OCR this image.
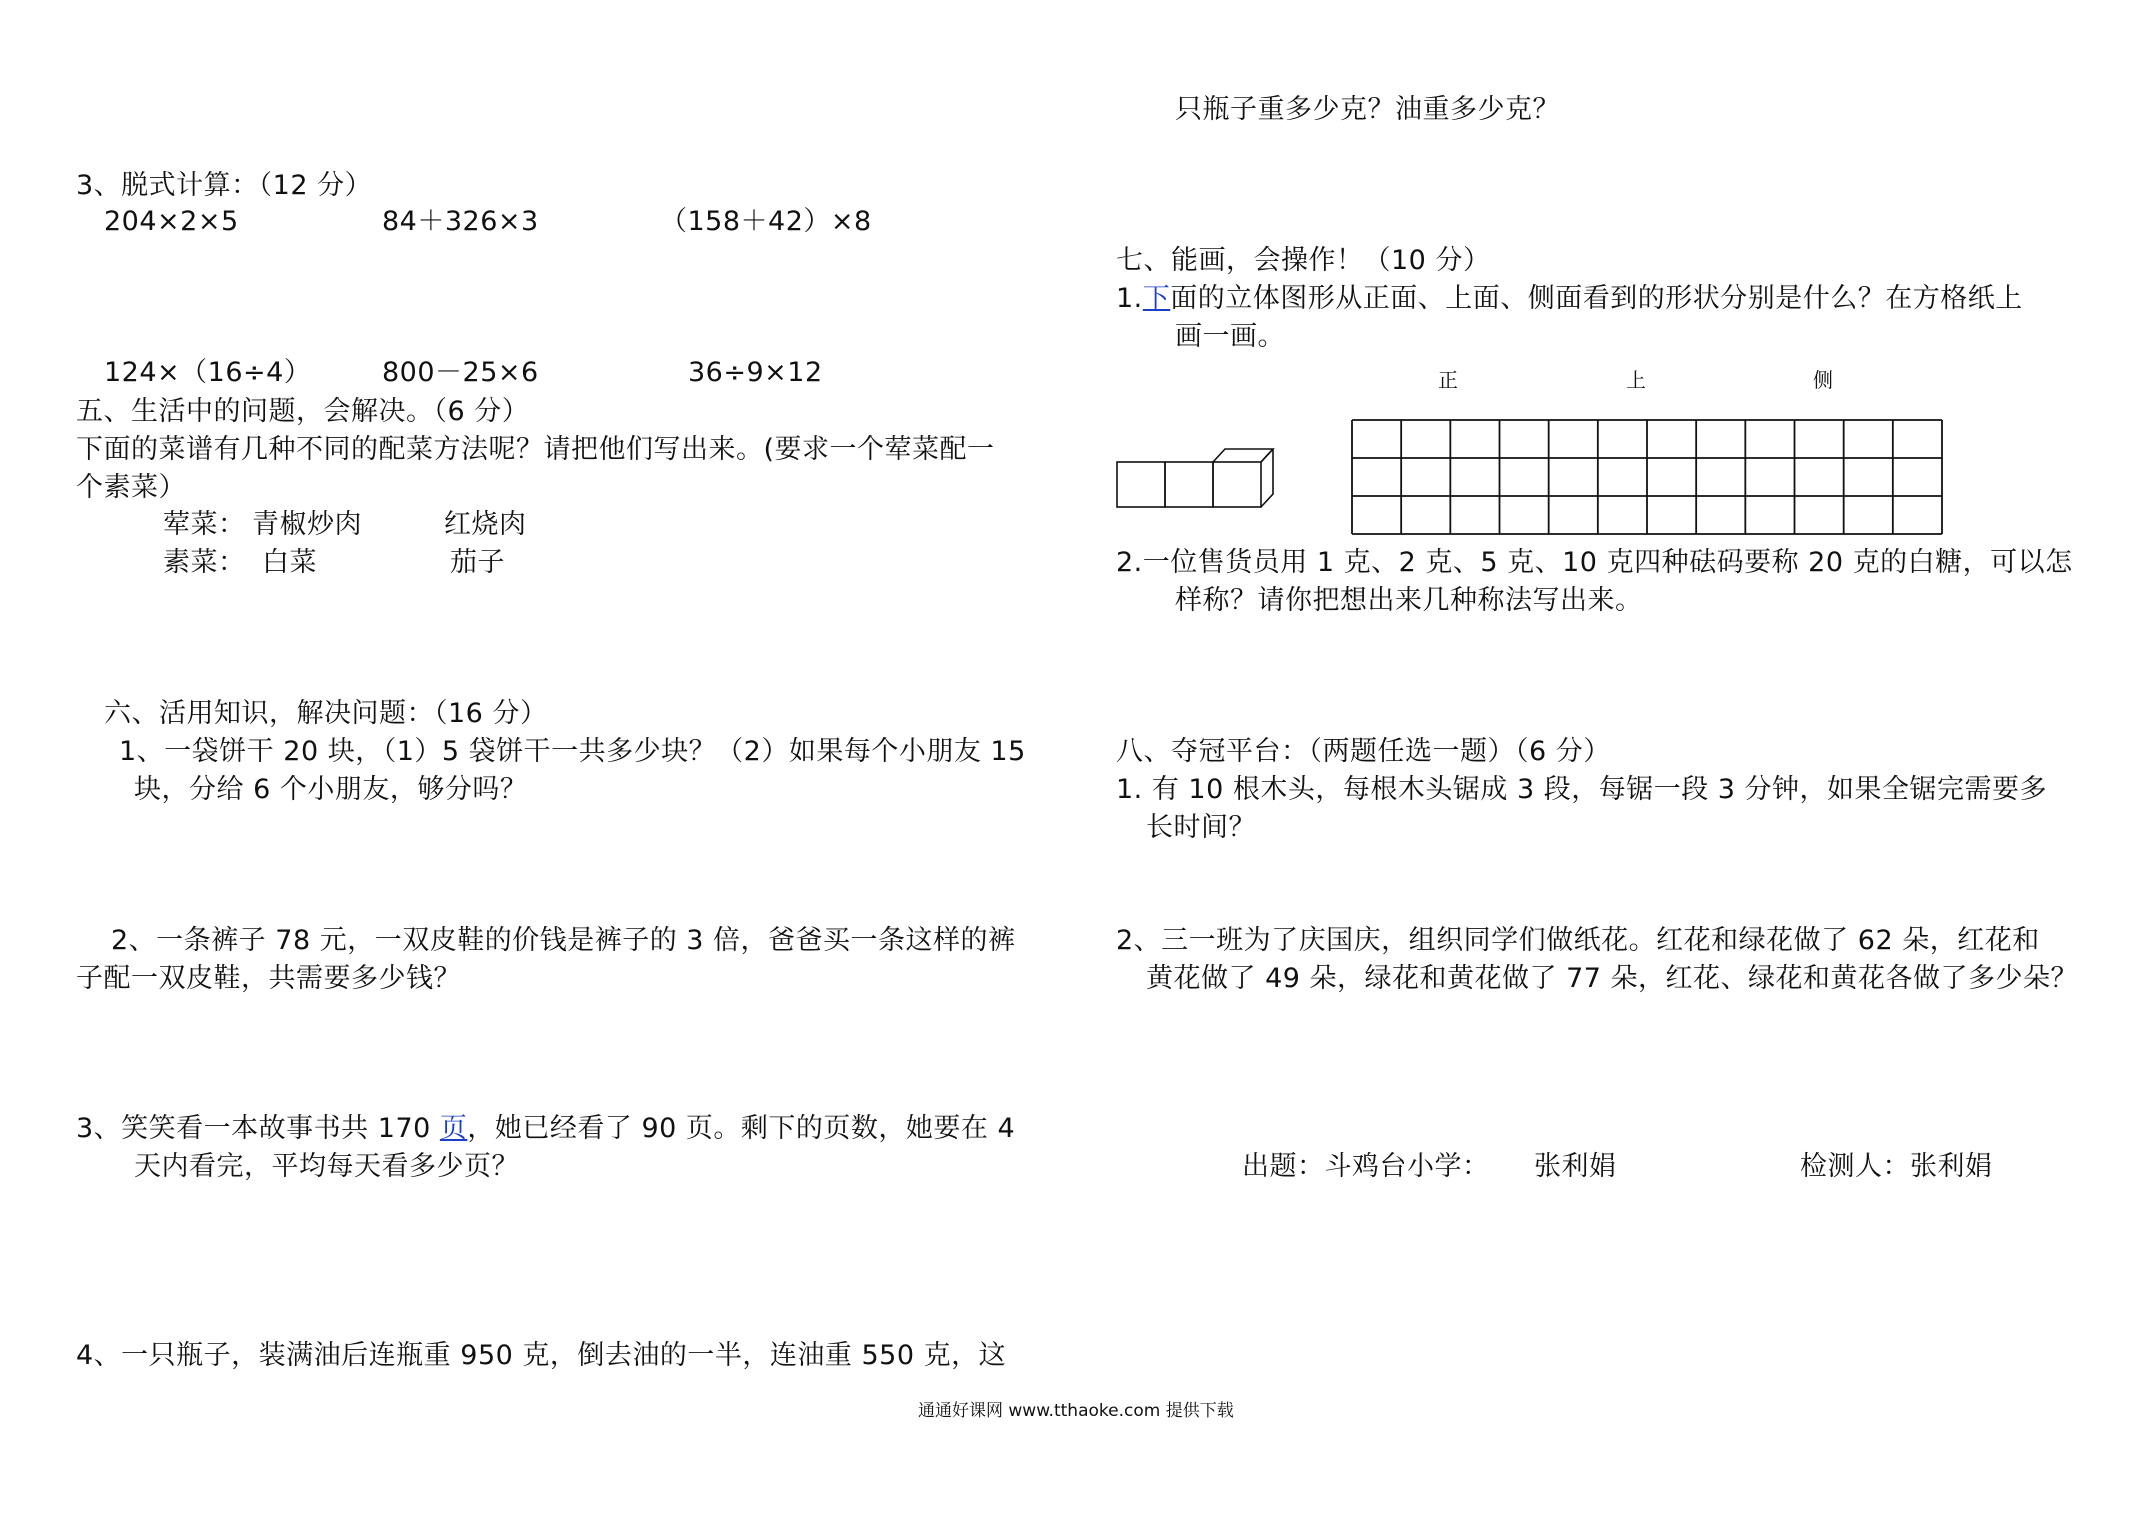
3、脱式计算：（12 分）
204×2×5	84＋326×3	（158＋42）×8
124×（16÷4）	800－25×6	36÷9×12
五、生活中的问题，会解决。（6 分）
下面的菜谱有几种不同的配菜方法呢？请把他们写出来。(要求一个荤菜配一
个素菜）
荤菜： 青椒炒肉	红烧肉
素菜： 白菜	茄子
六、活用知识，解决问题：（16 分）
1、一袋饼干 20 块，（1）5 袋饼干一共多少块？（2）如果每个小朋友 15
块，分给 6 个小朋友，够分吗？
2、一条裤子 78 元，一双皮鞋的价钱是裤子的 3 倍，爸爸买一条这样的裤
子配一双皮鞋，共需要多少钱？
3、笑笑看一本故事书共 170 页，她已经看了 90 页。剩下的页数，她要在 4
天内看完，平均每天看多少页？
4、一只瓶子，装满油后连瓶重 950 克，倒去油的一半，连油重 550 克，这
只瓶子重多少克？油重多少克？
七、能画，会操作！（10 分）
1.下面的立体图形从正面、上面、侧面看到的形状分别是什么？在方格纸上
画一画。
正	上	侧
2.一位售货员用 1 克、2 克、5 克、10 克四种砝码要称 20 克的白糖，可以怎
样称？请你把想出来几种称法写出来。
八、夺冠平台：（两题任选一题）（6 分）
1. 有 10 根木头，每根木头锯成 3 段，每锯一段 3 分钟，如果全锯完需要多
长时间？
2、三一班为了庆国庆，组织同学们做纸花。红花和绿花做了 62 朵，红花和
黄花做了 49 朵，绿花和黄花做了 77 朵，红花、绿花和黄花各做了多少朵？
出题：斗鸡台小学： 张利娟	检测人：张利娟
通通好课网 www.tthaoke.com 提供下载
